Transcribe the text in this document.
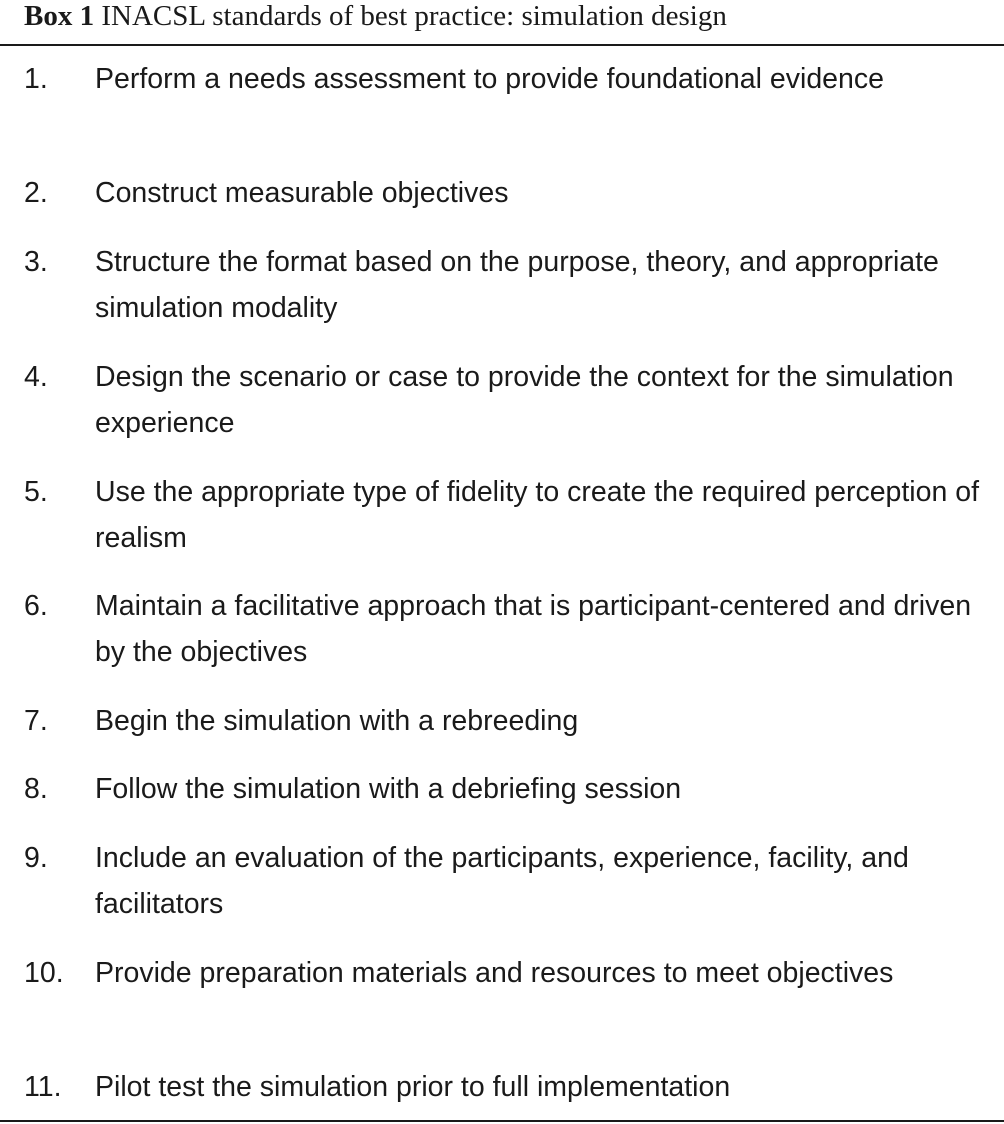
Box 1 INACSL standards of best practice: simulation design
1. Perform a needs assessment to provide foundational evidence
2. Construct measurable objectives
3. Structure the format based on the purpose, theory, and appropriate simulation modality
4. Design the scenario or case to provide the context for the simulation experience
5. Use the appropriate type of fidelity to create the required perception of realism
6. Maintain a facilitative approach that is participant-centered and driven by the objectives
7. Begin the simulation with a rebreeding
8. Follow the simulation with a debriefing session
9. Include an evaluation of the participants, experience, facility, and facilitators
10. Provide preparation materials and resources to meet objectives
11. Pilot test the simulation prior to full implementation
